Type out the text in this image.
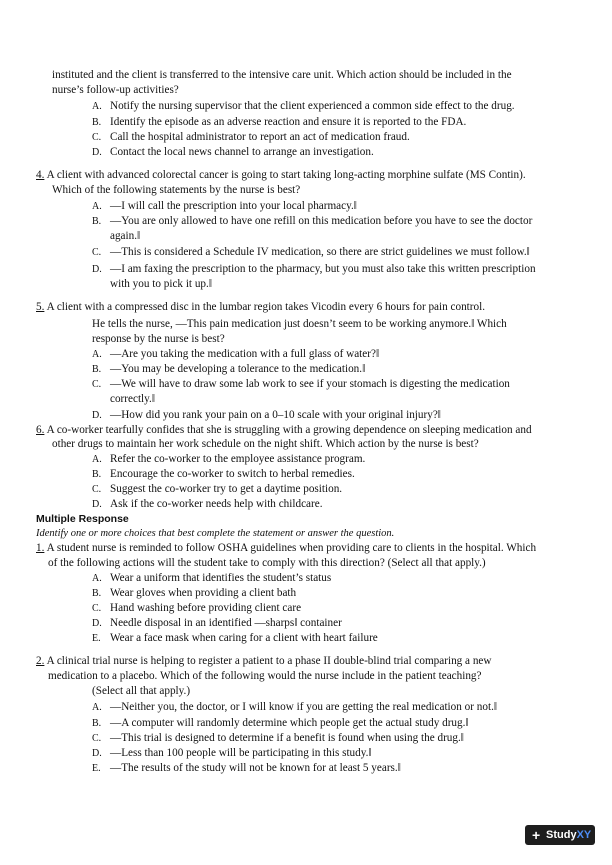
instituted and the client is transferred to the intensive care unit. Which action should be included in the
nurse’s follow-up activities?
A. Notify the nursing supervisor that the client experienced a common side effect to the drug.
B. Identify the episode as an adverse reaction and ensure it is reported to the FDA.
C. Call the hospital administrator to report an act of medication fraud.
D. Contact the local news channel to arrange an investigation.
4. A client with advanced colorectal cancer is going to start taking long-acting morphine sulfate (MS Contin).
Which of the following statements by the nurse is best?
A. ―I will call the prescription into your local pharmacy.‖
B. ―You are only allowed to have one refill on this medication before you have to see the doctor
again.‖
C. ―This is considered a Schedule IV medication, so there are strict guidelines we must follow.‖
D. ―I am faxing the prescription to the pharmacy, but you must also take this written prescription
with you to pick it up.‖
5. A client with a compressed disc in the lumbar region takes Vicodin every 6 hours for pain control.
He tells the nurse, ―This pain medication just doesn’t seem to be working anymore.‖ Which
response by the nurse is best?
A. ―Are you taking the medication with a full glass of water?‖
B. ―You may be developing a tolerance to the medication.‖
C. ―We will have to draw some lab work to see if your stomach is digesting the medication
correctly.‖
D. ―How did you rank your pain on a 0–10 scale with your original injury?‖
6. A co-worker tearfully confides that she is struggling with a growing dependence on sleeping medication and
other drugs to maintain her work schedule on the night shift. Which action by the nurse is best?
A. Refer the co-worker to the employee assistance program.
B. Encourage the co-worker to switch to herbal remedies.
C. Suggest the co-worker try to get a daytime position.
D. Ask if the co-worker needs help with childcare.
Multiple Response
Identify one or more choices that best complete the statement or answer the question.
1. A student nurse is reminded to follow OSHA guidelines when providing care to clients in the hospital. Which
of the following actions will the student take to comply with this direction? (Select all that apply.)
A. Wear a uniform that identifies the student’s status
B. Wear gloves when providing a client bath
C. Hand washing before providing client care
D. Needle disposal in an identified ―sharps‖ container
E. Wear a face mask when caring for a client with heart failure
2. A clinical trial nurse is helping to register a patient to a phase II double-blind trial comparing a new
medication to a placebo. Which of the following would the nurse include in the patient teaching?
(Select all that apply.)
A. ―Neither you, the doctor, or I will know if you are getting the real medication or not.‖
B. ―A computer will randomly determine which people get the actual study drug.‖
C. ―This trial is designed to determine if a benefit is found when using the drug.‖
D. ―Less than 100 people will be participating in this study.‖
E. ―The results of the study will not be known for at least 5 years.‖
+ StudyXY
